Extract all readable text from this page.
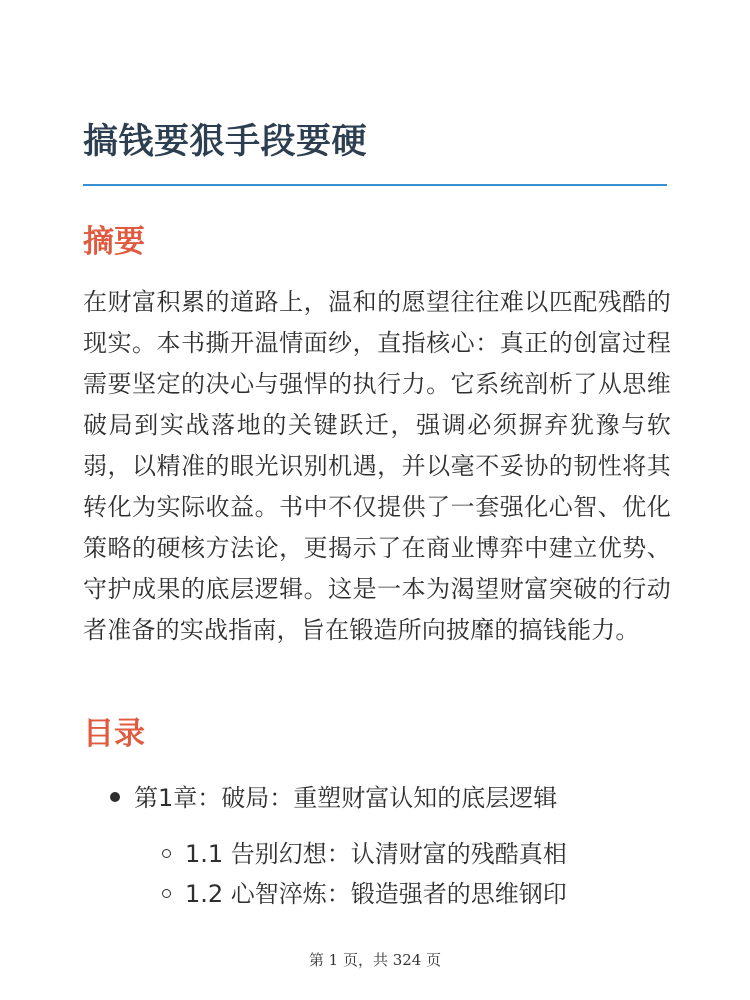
搞钱要狠手段要硬
摘要

在财富积累的道路上，温和的愿望往往难以匹配残酷的现实。本书撕开温情面纱，直指核心：真正的创富过程需要坚定的决心与强悍的执行力。它系统剖析了从思维破局到实战落地的关键跃迁，强调必须摒弃犹豫与软弱，以精准的眼光识别机遇，并以毫不妥协的韧性将其转化为实际收益。书中不仅提供了一套强化心智、优化策略的硬核方法论，更揭示了在商业博弈中建立优势、守护成果的底层逻辑。这是一本为渴望财富突破的行动者准备的实战指南，旨在锻造所向披靡的搞钱能力。

目录
第1章：破局：重塑财富认知的底层逻辑
1.1 告别幻想：认清财富的残酷真相
1.2 心智淬炼：锻造强者的思维钢印
第 1 页，共 324 页
